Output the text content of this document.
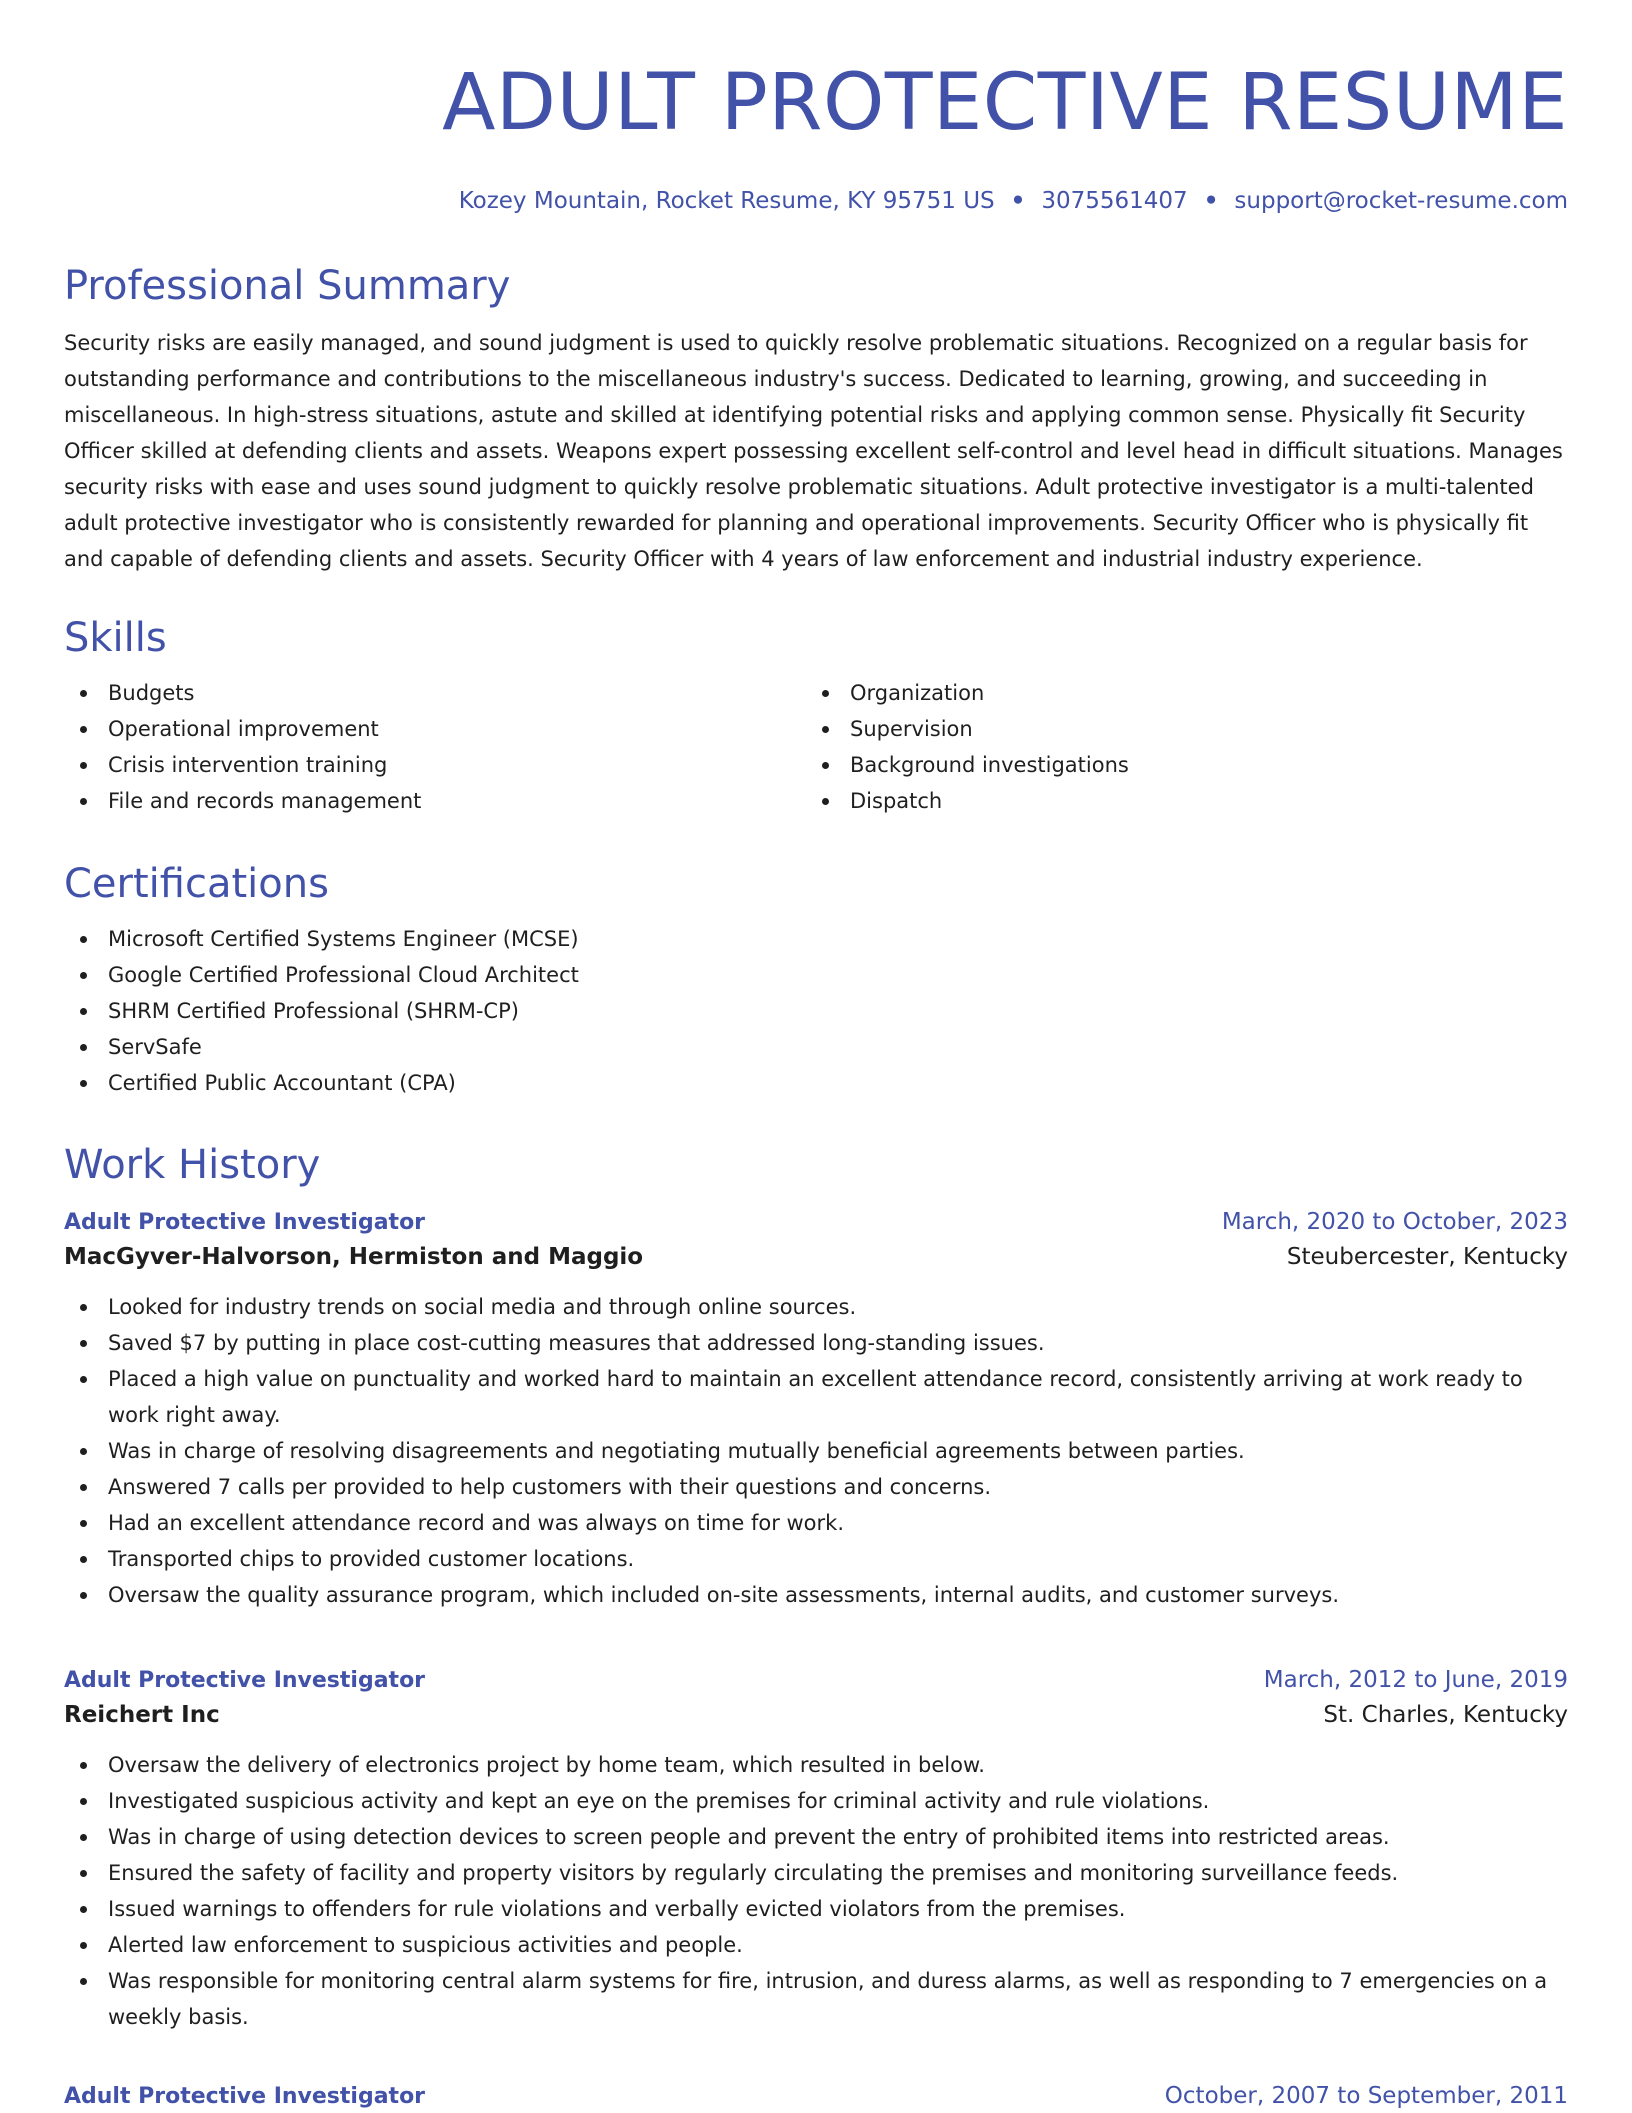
ADULT PROTECTIVE RESUME
Kozey Mountain, Rocket Resume, KY 95751 US • 3075561407 • support@rocket-resume.com
Professional Summary

Security risks are easily managed, and sound judgment is used to quickly resolve problematic situations. Recognized on a regular basis for outstanding performance and contributions to the miscellaneous industry's success. Dedicated to learning, growing, and succeeding in miscellaneous. In high-stress situations, astute and skilled at identifying potential risks and applying common sense. Physically fit Security Officer skilled at defending clients and assets. Weapons expert possessing excellent self-control and level head in difficult situations. Manages security risks with ease and uses sound judgment to quickly resolve problematic situations. Adult protective investigator is a multi-talented adult protective investigator who is consistently rewarded for planning and operational improvements. Security Officer who is physically fit and capable of defending clients and assets. Security Officer with 4 years of law enforcement and industrial industry experience.

Skills
Budgets
Operational improvement
Crisis intervention training
File and records management
Organization
Supervision
Background investigations
Dispatch
Certifications
Microsoft Certified Systems Engineer (MCSE)
Google Certified Professional Cloud Architect
SHRM Certified Professional (SHRM-CP)
ServSafe
Certified Public Accountant (CPA)
Work History
Adult Protective Investigator	March, 2020 to October, 2023
MacGyver-Halvorson, Hermiston and Maggio	Steubercester, Kentucky
Looked for industry trends on social media and through online sources.
Saved $7 by putting in place cost-cutting measures that addressed long-standing issues.
Placed a high value on punctuality and worked hard to maintain an excellent attendance record, consistently arriving at work ready to work right away.
Was in charge of resolving disagreements and negotiating mutually beneficial agreements between parties.
Answered 7 calls per provided to help customers with their questions and concerns.
Had an excellent attendance record and was always on time for work.
Transported chips to provided customer locations.
Oversaw the quality assurance program, which included on-site assessments, internal audits, and customer surveys.
Adult Protective Investigator	March, 2012 to June, 2019
Reichert Inc	St. Charles, Kentucky
Oversaw the delivery of electronics project by home team, which resulted in below.
Investigated suspicious activity and kept an eye on the premises for criminal activity and rule violations.
Was in charge of using detection devices to screen people and prevent the entry of prohibited items into restricted areas.
Ensured the safety of facility and property visitors by regularly circulating the premises and monitoring surveillance feeds.
Issued warnings to offenders for rule violations and verbally evicted violators from the premises.
Alerted law enforcement to suspicious activities and people.
Was responsible for monitoring central alarm systems for fire, intrusion, and duress alarms, as well as responding to 7 emergencies on a weekly basis.
Adult Protective Investigator	October, 2007 to September, 2011
